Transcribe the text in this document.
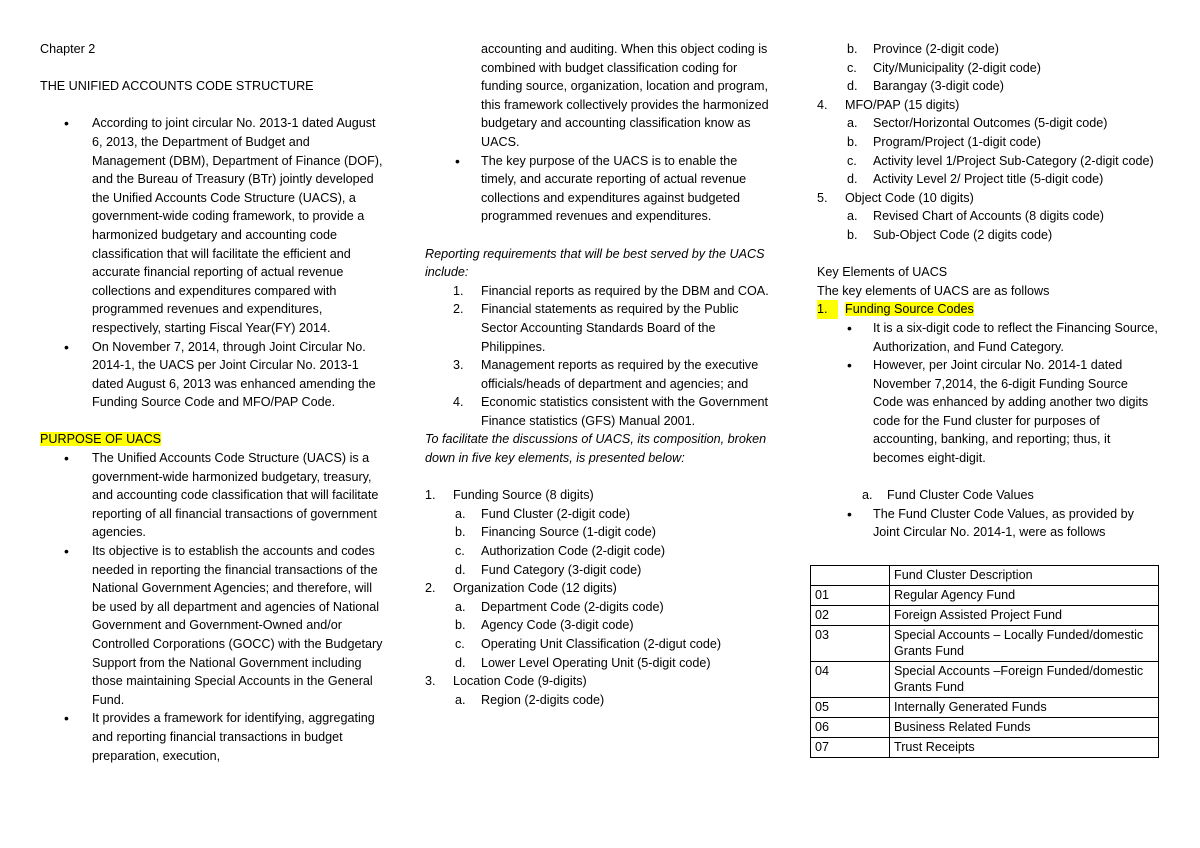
Chapter 2

THE UNIFIED ACCOUNTS CODE STRUCTURE

• According to joint circular No. 2013-1 dated August 6, 2013, the Department of Budget and Management (DBM), Department of Finance (DOF), and the Bureau of Treasury (BTr) jointly developed the Unified Accounts Code Structure (UACS), a government-wide coding framework, to provide a harmonized budgetary and accounting code classification that will facilitate the efficient and accurate financial reporting of actual revenue collections and expenditures compared with programmed revenues and expenditures, respectively, starting Fiscal Year(FY) 2014.
• On November 7, 2014, through Joint Circular No. 2014-1, the UACS per Joint Circular No. 2013-1 dated August 6, 2013 was enhanced amending the Funding Source Code and MFO/PAP Code.

PURPOSE OF UACS

• The Unified Accounts Code Structure (UACS) is a government-wide harmonized budgetary, treasury, and accounting code classification that will facilitate reporting of all financial transactions of government agencies.
• Its objective is to establish the accounts and codes needed in reporting the financial transactions of the National Government Agencies; and therefore, will be used by all department and agencies of National Government and Government-Owned and/or Controlled Corporations (GOCC) with the Budgetary Support from the National Government including those maintaining Special Accounts in the General Fund.
• It provides a framework for identifying, aggregating and reporting financial transactions in budget preparation, execution,

accounting and auditing. When this object coding is combined with budget classification coding for funding source, organization, location and program, this framework collectively provides the harmonized budgetary and accounting classification know as UACS.

• The key purpose of the UACS is to enable the timely, and accurate reporting of actual revenue collections and expenditures against budgeted programmed revenues and expenditures.

Reporting requirements that will be best served by the UACS include:

1. Financial reports as required by the DBM and COA.
2. Financial statements as required by the Public Sector Accounting Standards Board of the Philippines.
3. Management reports as required by the executive officials/heads of department and agencies; and
4. Economic statistics consistent with the Government Finance statistics (GFS) Manual 2001.

To facilitate the discussions of UACS, its composition, broken down in five key elements, is presented below:

1. Funding Source (8 digits)
a. Fund Cluster (2-digit code)
b. Financing Source (1-digit code)
c. Authorization Code (2-digit code)
d. Fund Category (3-digit code)
2. Organization Code (12 digits)
a. Department Code (2-digits code)
b. Agency Code (3-digit code)
c. Operating Unit Classification (2-digut code)
d. Lower Level Operating Unit (5-digit code)
3. Location Code (9-digits)
a. Region (2-digits code)
b. Province (2-digit code)
c. City/Municipality (2-digit code)
d. Barangay (3-digit code)
4. MFO/PAP (15 digits)
a. Sector/Horizontal Outcomes (5-digit code)
b. Program/Project (1-digit code)
c. Activity level 1/Project Sub-Category (2-digit code)
d. Activity Level 2/ Project title (5-digit code)
5. Object Code (10 digits)
a. Revised Chart of Accounts (8 digits code)
b. Sub-Object Code (2 digits code)

Key Elements of UACS

The key elements of UACS are as follows

1.	Funding Source Codes
• It is a six-digit code to reflect the Financing Source, Authorization, and Fund Category.
• However, per Joint circular No. 2014-1 dated November 7,2014, the 6-digit Funding Source Code was enhanced by adding another two digits code for the Fund cluster for purposes of accounting, banking, and reporting; thus, it becomes eight-digit.
a. Fund Cluster Code Values
• The Fund Cluster Code Values, as provided by Joint Circular No. 2014-1, were as follows
	Fund Cluster Description
01	Regular Agency Fund
02	Foreign Assisted Project Fund
03	Special Accounts – Locally Funded/domestic Grants Fund
04	Special Accounts –Foreign Funded/domestic Grants Fund
05	Internally Generated Funds
06	Business Related Funds
07	Trust Receipts
